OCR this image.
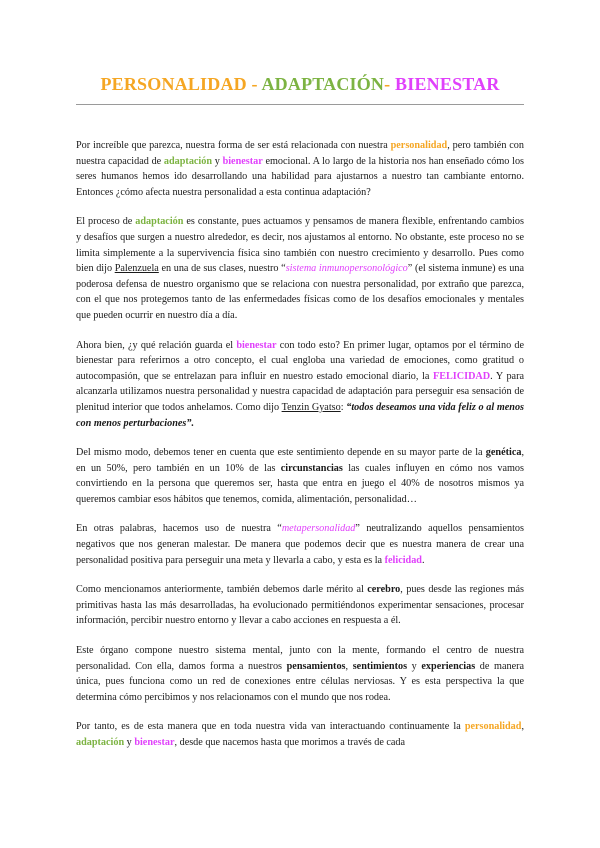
PERSONALIDAD - ADAPTACIÓN- BIENESTAR

Por increíble que parezca, nuestra forma de ser está relacionada con nuestra personalidad, pero también con nuestra capacidad de adaptación y bienestar emocional. A lo largo de la historia nos han enseñado cómo los seres humanos hemos ido desarrollando una habilidad para ajustarnos a nuestro tan cambiante entorno. Entonces ¿cómo afecta nuestra personalidad a esta continua adaptación?

El proceso de adaptación es constante, pues actuamos y pensamos de manera flexible, enfrentando cambios y desafíos que surgen a nuestro alrededor, es decir, nos ajustamos al entorno. No obstante, este proceso no se limita simplemente a la supervivencia física sino también con nuestro crecimiento y desarrollo. Pues como bien dijo Palenzuela en una de sus clases, nuestro “sistema inmunopersonológico” (el sistema inmune) es una poderosa defensa de nuestro organismo que se relaciona con nuestra personalidad, por extraño que parezca, con el que nos protegemos tanto de las enfermedades físicas como de los desafíos emocionales y mentales que pueden ocurrir en nuestro día a día.

Ahora bien, ¿y qué relación guarda el bienestar con todo esto? En primer lugar, optamos por el término de bienestar para referirnos a otro concepto, el cual engloba una variedad de emociones, como gratitud o autocompasión, que se entrelazan para influir en nuestro estado emocional diario, la FELICIDAD. Y para alcanzarla utilizamos nuestra personalidad y nuestra capacidad de adaptación para perseguir esa sensación de plenitud interior que todos anhelamos. Como dijo Tenzin Gyatso: “todos deseamos una vida feliz o al menos con menos perturbaciones”.

Del mismo modo, debemos tener en cuenta que este sentimiento depende en su mayor parte de la genética, en un 50%, pero también en un 10% de las circunstancias las cuales influyen en cómo nos vamos convirtiendo en la persona que queremos ser, hasta que entra en juego el 40% de nosotros mismos ya queremos cambiar esos hábitos que tenemos, comida, alimentación, personalidad…

En otras palabras, hacemos uso de nuestra “metapersonalidad” neutralizando aquellos pensamientos negativos que nos generan malestar. De manera que podemos decir que es nuestra manera de crear una personalidad positiva para perseguir una meta y llevarla a cabo, y esta es la felicidad.

Como mencionamos anteriormente, también debemos darle mérito al cerebro, pues desde las regiones más primitivas hasta las más desarrolladas, ha evolucionado permitiéndonos experimentar sensaciones, procesar información, percibir nuestro entorno y llevar a cabo acciones en respuesta a él.

Este órgano compone nuestro sistema mental, junto con la mente, formando el centro de nuestra personalidad. Con ella, damos forma a nuestros pensamientos, sentimientos y experiencias de manera única, pues funciona como un red de conexiones entre células nerviosas. Y es esta perspectiva la que determina cómo percibimos y nos relacionamos con el mundo que nos rodea.

Por tanto, es de esta manera que en toda nuestra vida van interactuando continuamente la personalidad, adaptación y bienestar, desde que nacemos hasta que morimos a través de cada
